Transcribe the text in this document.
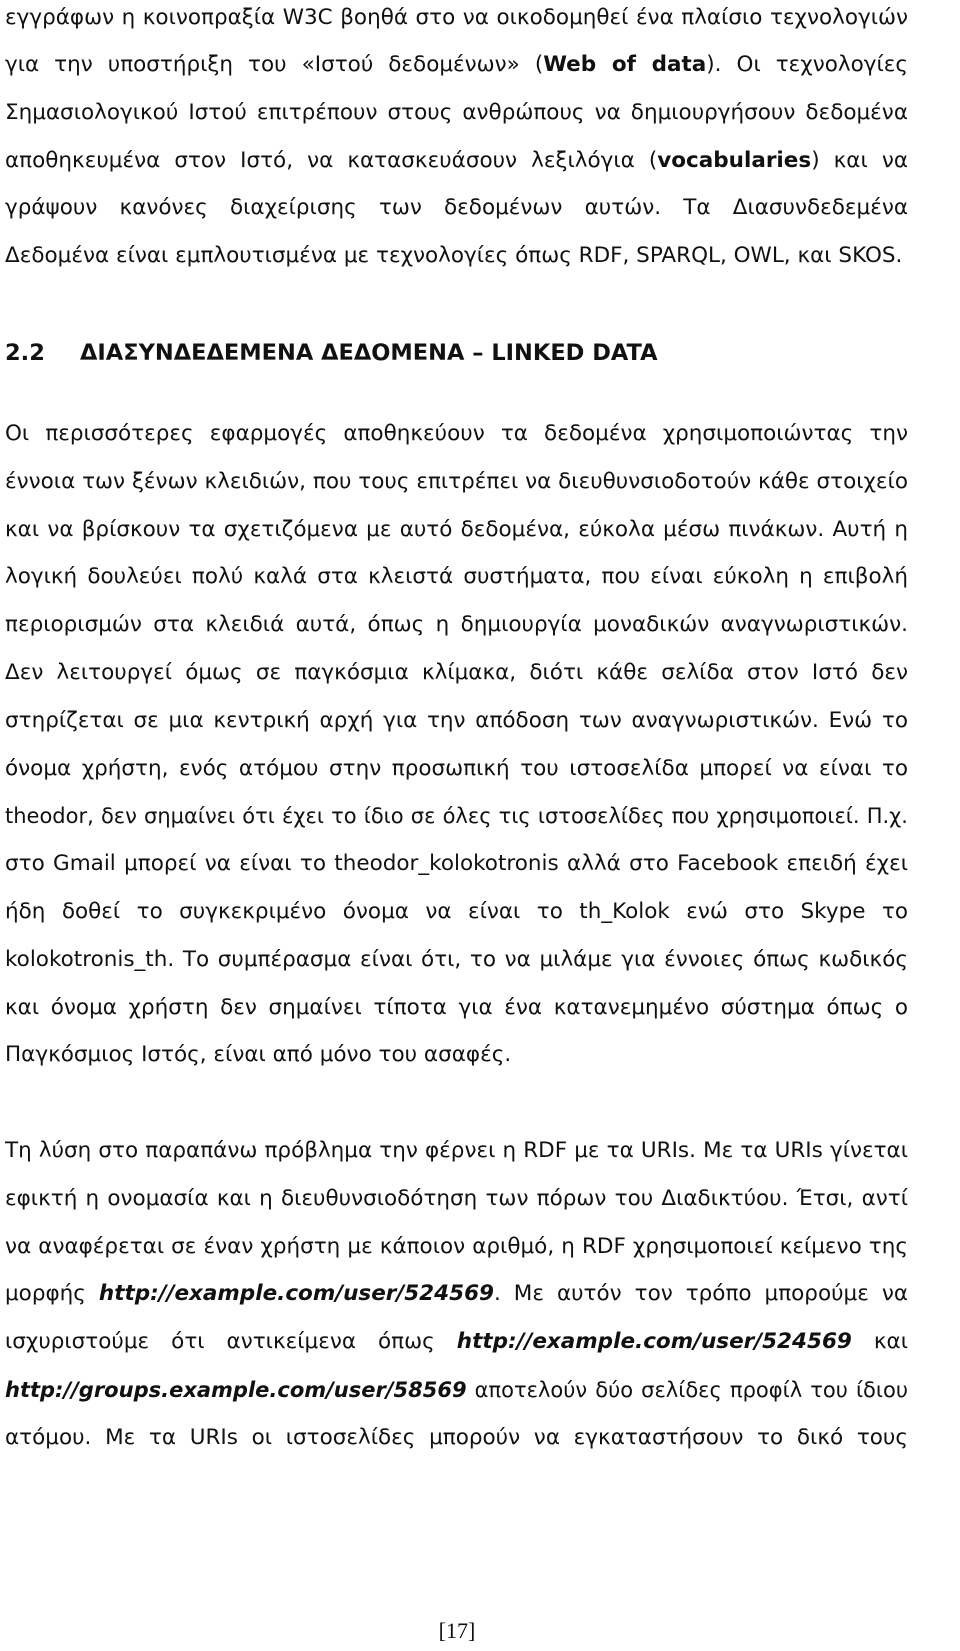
εγγράφων η κοινοπραξία W3C βοηθά στο να οικοδομηθεί ένα πλαίσιο τεχνολογιών
για την υποστήριξη του «Ιστού δεδομένων» (Web of data). Οι τεχνολογίες
Σημασιολογικού Ιστού επιτρέπουν στους ανθρώπους να δημιουργήσουν δεδομένα
αποθηκευμένα στον Ιστό, να κατασκευάσουν λεξιλόγια (vocabularies) και να
γράψουν κανόνες διαχείρισης των δεδομένων αυτών. Τα Διασυνδεδεμένα
Δεδομένα είναι εμπλουτισμένα με τεχνολογίες όπως RDF, SPARQL, OWL, και SKOS.
2.2 ΔΙΑΣΥΝΔΕΔΕΜΕΝΑ ΔΕΔΟΜΕΝΑ – LINKED DATA
Οι περισσότερες εφαρμογές αποθηκεύουν τα δεδομένα χρησιμοποιώντας την
έννοια των ξένων κλειδιών, που τους επιτρέπει να διευθυνσιοδοτούν κάθε στοιχείο
και να βρίσκουν τα σχετιζόμενα με αυτό δεδομένα, εύκολα μέσω πινάκων. Αυτή η
λογική δουλεύει πολύ καλά στα κλειστά συστήματα, που είναι εύκολη η επιβολή
περιορισμών στα κλειδιά αυτά, όπως η δημιουργία μοναδικών αναγνωριστικών.
Δεν λειτουργεί όμως σε παγκόσμια κλίμακα, διότι κάθε σελίδα στον Ιστό δεν
στηρίζεται σε μια κεντρική αρχή για την απόδοση των αναγνωριστικών. Ενώ το
όνομα χρήστη, ενός ατόμου στην προσωπική του ιστοσελίδα μπορεί να είναι το
theodor, δεν σημαίνει ότι έχει το ίδιο σε όλες τις ιστοσελίδες που χρησιμοποιεί. Π.χ.
στο Gmail μπορεί να είναι το theodor_kolokotronis αλλά στο Facebook επειδή έχει
ήδη δοθεί το συγκεκριμένο όνομα να είναι το th_Kolok ενώ στο Skype το
kolokotronis_th. Το συμπέρασμα είναι ότι, το να μιλάμε για έννοιες όπως κωδικός
και όνομα χρήστη δεν σημαίνει τίποτα για ένα κατανεμημένο σύστημα όπως ο
Παγκόσμιος Ιστός, είναι από μόνο του ασαφές.
Τη λύση στο παραπάνω πρόβλημα την φέρνει η RDF με τα URIs. Με τα URIs γίνεται
εφικτή η ονομασία και η διευθυνσιοδότηση των πόρων του Διαδικτύου. Έτσι, αντί
να αναφέρεται σε έναν χρήστη με κάποιον αριθμό, η RDF χρησιμοποιεί κείμενο της
μορφής http://example.com/user/524569. Με αυτόν τον τρόπο μπορούμε να
ισχυριστούμε ότι αντικείμενα όπως http://example.com/user/524569 και
http://groups.example.com/user/58569 αποτελούν δύο σελίδες προφίλ του ίδιου
ατόμου. Με τα URIs οι ιστοσελίδες μπορούν να εγκαταστήσουν το δικό τους
[17]
